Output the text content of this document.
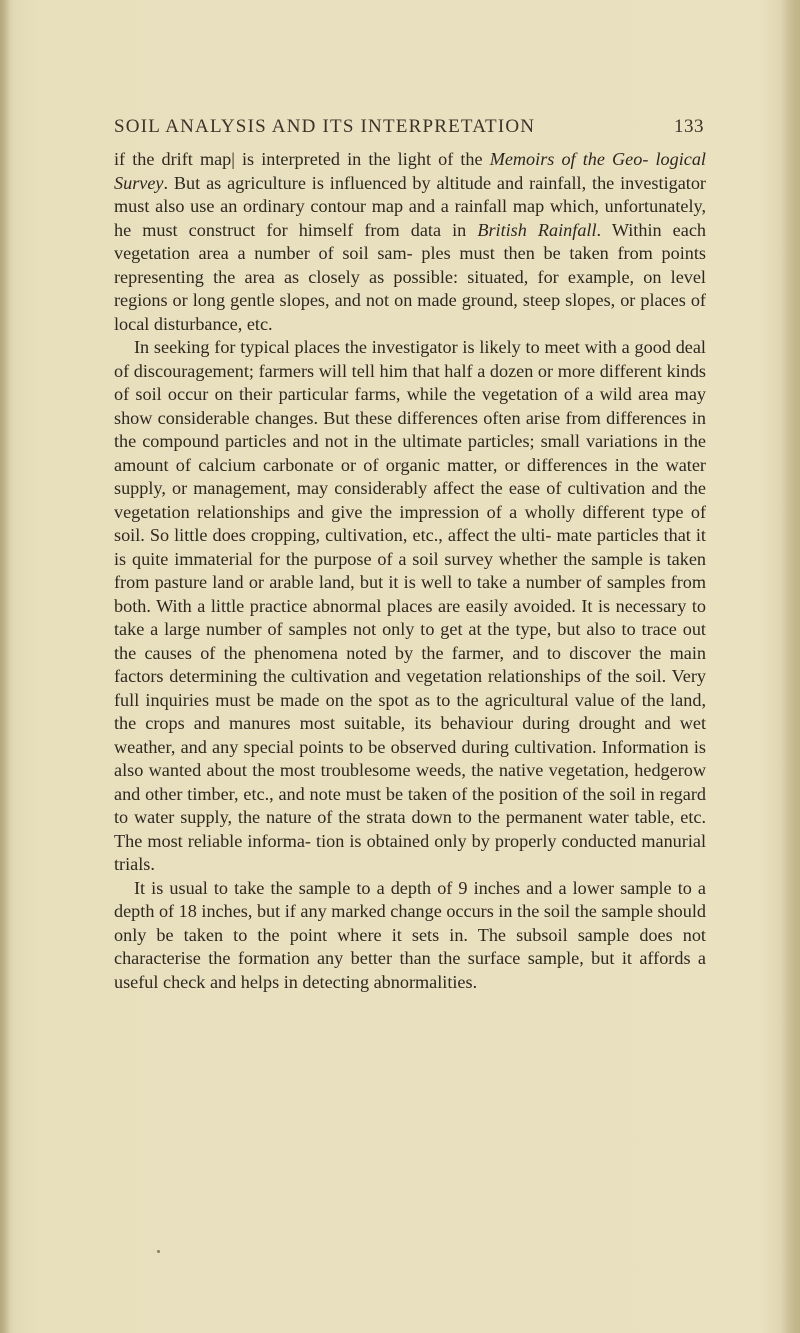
SOIL ANALYSIS AND ITS INTERPRETATION	133

if the drift map| is interpreted in the light of the Memoirs of the Geo- logical Survey. But as agriculture is influenced by altitude and rainfall, the investigator must also use an ordinary contour map and a rainfall map which, unfortunately, he must construct for himself from data in British Rainfall. Within each vegetation area a number of soil sam- ples must then be taken from points representing the area as closely as possible: situated, for example, on level regions or long gentle slopes, and not on made ground, steep slopes, or places of local disturbance, etc.

In seeking for typical places the investigator is likely to meet with a good deal of discouragement; farmers will tell him that half a dozen or more different kinds of soil occur on their particular farms, while the vegetation of a wild area may show considerable changes. But these differences often arise from differences in the compound particles and not in the ultimate particles; small variations in the amount of calcium carbonate or of organic matter, or differences in the water supply, or management, may considerably affect the ease of cultivation and the vegetation relationships and give the impression of a wholly different type of soil. So little does cropping, cultivation, etc., affect the ulti- mate particles that it is quite immaterial for the purpose of a soil survey whether the sample is taken from pasture land or arable land, but it is well to take a number of samples from both. With a little practice abnormal places are easily avoided. It is necessary to take a large number of samples not only to get at the type, but also to trace out the causes of the phenomena noted by the farmer, and to discover the main factors determining the cultivation and vegetation relationships of the soil. Very full inquiries must be made on the spot as to the agricultural value of the land, the crops and manures most suitable, its behaviour during drought and wet weather, and any special points to be observed during cultivation. Information is also wanted about the most troublesome weeds, the native vegetation, hedgerow and other timber, etc., and note must be taken of the position of the soil in regard to water supply, the nature of the strata down to the permanent water table, etc. The most reliable informa- tion is obtained only by properly conducted manurial trials.

It is usual to take the sample to a depth of 9 inches and a lower sample to a depth of 18 inches, but if any marked change occurs in the soil the sample should only be taken to the point where it sets in. The subsoil sample does not characterise the formation any better than the surface sample, but it affords a useful check and helps in detecting abnormalities.
